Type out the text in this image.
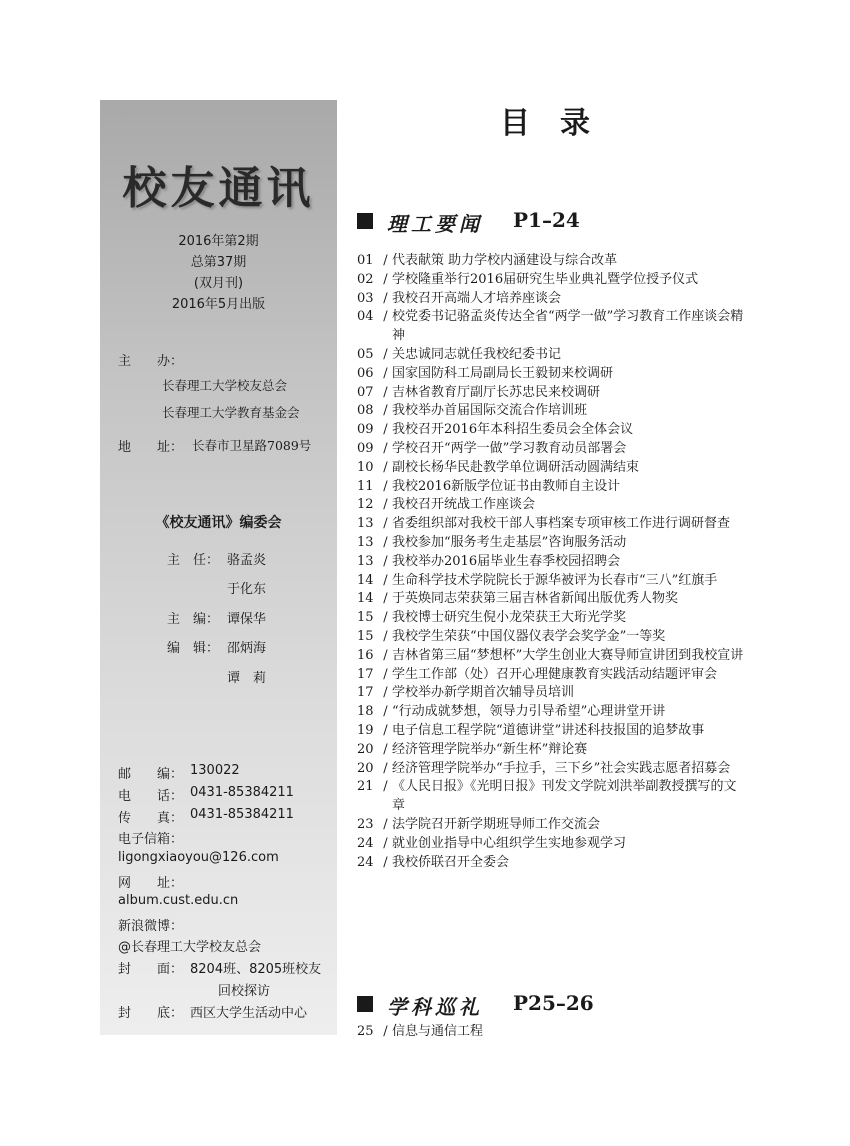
校友通讯
2016年第2期
总第37期
(双月刊)
2016年5月出版
主　　办：
长春理工大学校友总会
长春理工大学教育基金会
地　　址： 长春市卫星路7089号
《校友通讯》编委会
主　任： 骆孟炎
于化东
主　编： 谭保华
编　辑： 邵炳海
谭　莉
邮　　编： 130022
电　　话： 0431-85384211
传　　真： 0431-85384211
电子信箱：
ligongxiaoyou@126.com
网　　址：
album.cust.edu.cn
新浪微博：
@长春理工大学校友总会
封　　面： 8204班、8205班校友
回校探访
封　　底： 西区大学生活动中心
目录
理工要闻 P1–24
01 / 代表献策 助力学校内涵建设与综合改革
02 / 学校隆重举行2016届研究生毕业典礼暨学位授予仪式
03 / 我校召开高端人才培养座谈会
04 / 校党委书记骆孟炎传达全省“两学一做”学习教育工作座谈会精神
05 / 关忠诚同志就任我校纪委书记
06 / 国家国防科工局副局长王毅韧来校调研
07 / 吉林省教育厅副厅长苏忠民来校调研
08 / 我校举办首届国际交流合作培训班
09 / 我校召开2016年本科招生委员会全体会议
09 / 学校召开“两学一做”学习教育动员部署会
10 / 副校长杨华民赴教学单位调研活动圆满结束
11 / 我校2016新版学位证书由教师自主设计
12 / 我校召开统战工作座谈会
13 / 省委组织部对我校干部人事档案专项审核工作进行调研督查
13 / 我校参加“服务考生走基层”咨询服务活动
13 / 我校举办2016届毕业生春季校园招聘会
14 / 生命科学技术学院院长于源华被评为长春市“三八”红旗手
14 / 于英焕同志荣获第三届吉林省新闻出版优秀人物奖
15 / 我校博士研究生倪小龙荣获王大珩光学奖
15 / 我校学生荣获“中国仪器仪表学会奖学金”一等奖
16 / 吉林省第三届“梦想杯”大学生创业大赛导师宣讲团到我校宣讲
17 / 学生工作部（处）召开心理健康教育实践活动结题评审会
17 / 学校举办新学期首次辅导员培训
18 / “行动成就梦想，领导力引导希望”心理讲堂开讲
19 / 电子信息工程学院“道德讲堂”讲述科技报国的追梦故事
20 / 经济管理学院举办“新生杯”辩论赛
20 / 经济管理学院举办“手拉手，三下乡”社会实践志愿者招募会
21 / 《人民日报》《光明日报》刊发文学院刘洪举副教授撰写的文章
23 / 法学院召开新学期班导师工作交流会
24 / 就业创业指导中心组织学生实地参观学习
24 / 我校侨联召开全委会
学科巡礼 P25–26
25 / 信息与通信工程
